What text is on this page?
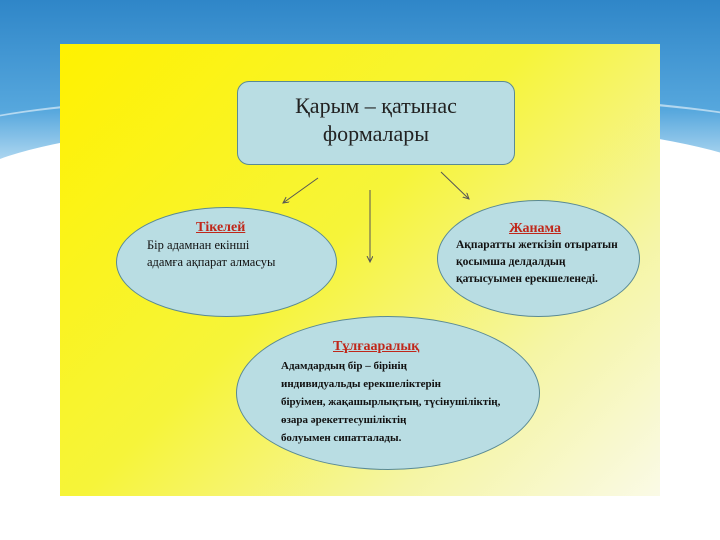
Қарым – қатынас
формалары
Тікелей
Бір адамнан екінші
адамға ақпарат алмасуы
Жанама
Ақпаратты жеткізіп отыратын
қосымша делдалдың
қатысуымен ерекшеленеді.
Тұлғааралық
Адамдардың бір – бірінің
индивидуальды ерекшеліктерін
біруімен, жақашырлықтың, түсінушіліктің,
өзара әрекеттесушіліктің
болуымен сипатталады.
